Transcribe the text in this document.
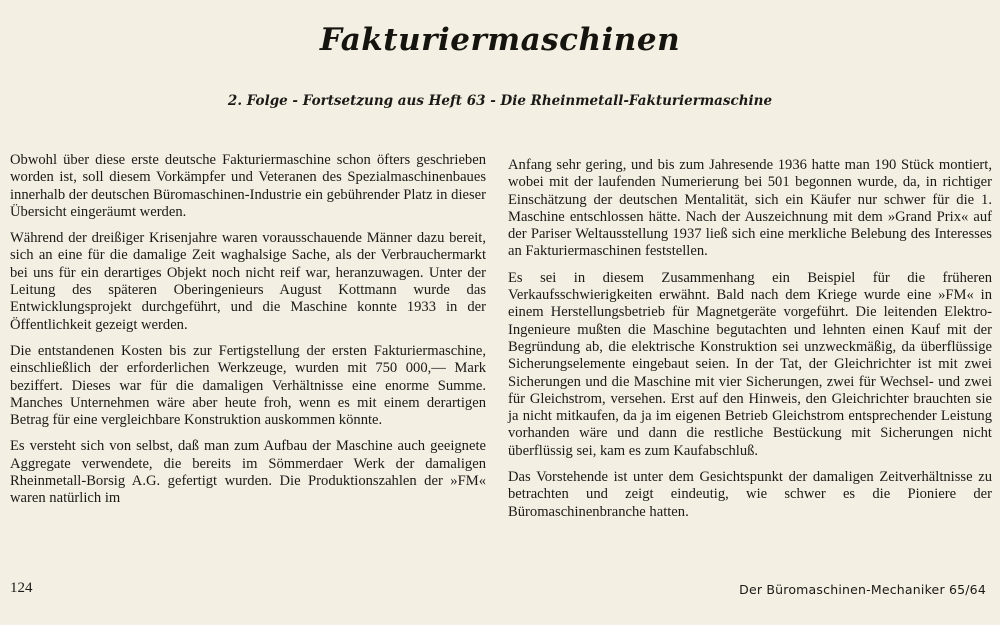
Fakturiermaschinen
2. Folge - Fortsetzung aus Heft 63 - Die Rheinmetall-Fakturiermaschine

Obwohl über diese erste deutsche Fakturiermaschine schon öfters geschrieben worden ist, soll diesem Vorkämpfer und Veteranen des Spezialmaschinenbaues innerhalb der deutschen Büromaschinen-Industrie ein gebührender Platz in dieser Übersicht eingeräumt werden.

Während der dreißiger Krisenjahre waren vorausschauende Männer dazu bereit, sich an eine für die damalige Zeit waghalsige Sache, als der Verbrauchermarkt bei uns für ein derartiges Objekt noch nicht reif war, heranzuwagen. Unter der Leitung des späteren Oberingenieurs August Kottmann wurde das Entwicklungsprojekt durchgeführt, und die Maschine konnte 1933 in der Öffentlichkeit gezeigt werden.

Die entstandenen Kosten bis zur Fertigstellung der ersten Fakturiermaschine, einschließlich der erforderlichen Werkzeuge, wurden mit 750 000,— Mark beziffert. Dieses war für die damaligen Verhältnisse eine enorme Summe. Manches Unternehmen wäre aber heute froh, wenn es mit einem derartigen Betrag für eine vergleichbare Konstruktion auskommen könnte.

Es versteht sich von selbst, daß man zum Aufbau der Maschine auch geeignete Aggregate verwendete, die bereits im Sömmerdaer Werk der damaligen Rheinmetall-Borsig A.G. gefertigt wurden. Die Produktionszahlen der »FM« waren natürlich im

Anfang sehr gering, und bis zum Jahresende 1936 hatte man 190 Stück montiert, wobei mit der laufenden Numerierung bei 501 begonnen wurde, da, in richtiger Einschätzung der deutschen Mentalität, sich ein Käufer nur schwer für die 1. Maschine entschlossen hätte. Nach der Auszeichnung mit dem »Grand Prix« auf der Pariser Weltausstellung 1937 ließ sich eine merkliche Belebung des Interesses an Fakturiermaschinen feststellen.

Es sei in diesem Zusammenhang ein Beispiel für die früheren Verkaufsschwierigkeiten erwähnt. Bald nach dem Kriege wurde eine »FM« in einem Herstellungsbetrieb für Magnetgeräte vorgeführt. Die leitenden Elektro-Ingenieure mußten die Maschine begutachten und lehnten einen Kauf mit der Begründung ab, die elektrische Konstruktion sei unzweckmäßig, da überflüssige Sicherungselemente eingebaut seien. In der Tat, der Gleichrichter ist mit zwei Sicherungen und die Maschine mit vier Sicherungen, zwei für Wechsel- und zwei für Gleichstrom, versehen. Erst auf den Hinweis, den Gleichrichter brauchten sie ja nicht mitkaufen, da ja im eigenen Betrieb Gleichstrom entsprechender Leistung vorhanden wäre und dann die restliche Bestückung mit Sicherungen nicht überflüssig sei, kam es zum Kaufabschluß.

Das Vorstehende ist unter dem Gesichtspunkt der damaligen Zeitverhältnisse zu betrachten und zeigt eindeutig, wie schwer es die Pioniere der Büromaschinenbranche hatten.

124	Der Büromaschinen-Mechaniker 65/64
